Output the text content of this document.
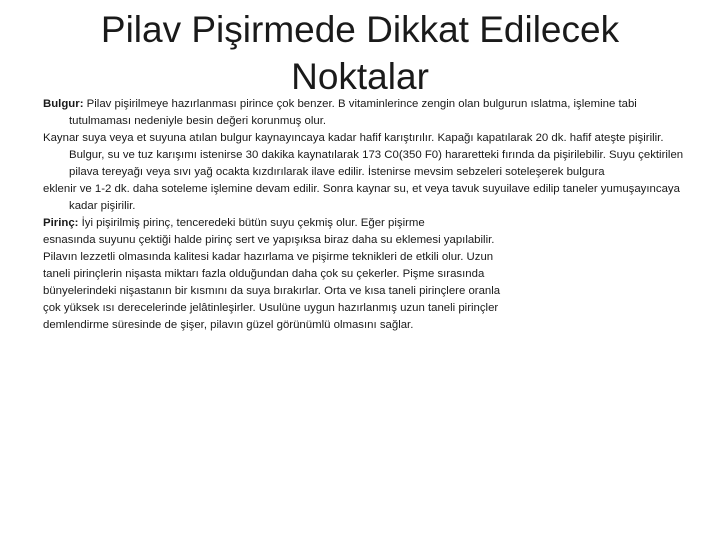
Pilav Pişirmede Dikkat Edilecek
Noktalar

Bulgur: Pilav pişirilmeye hazırlanması pirince çok benzer. B vitaminlerince zengin olan bulgurun ıslatma, işlemine tabi tutulmaması nedeniyle besin değeri korunmuş olur.

Kaynar suya veya et suyuna atılan bulgur kaynayıncaya kadar hafif karıştırılır. Kapağı kapatılarak 20 dk. hafif ateşte pişirilir. Bulgur, su ve tuz karışımı istenirse 30 dakika kaynatılarak 173 C0(350 F0) hararetteki fırında da pişirilebilir. Suyu çektirilen pilava tereyağı veya sıvı yağ ocakta kızdırılarak ilave edilir. İstenirse mevsim sebzeleri soteleşerek bulgura

eklenir ve 1-2 dk. daha soteleme işlemine devam edilir. Sonra kaynar su, et veya tavuk suyuilave edilip taneler yumuşayıncaya kadar pişirilir.

Pirinç: İyi pişirilmiş pirinç, tenceredeki bütün suyu çekmiş olur. Eğer pişirme

esnasında suyunu çektiği halde pirinç sert ve yapışıksa biraz daha su eklemesi yapılabilir.

Pilavın lezzetli olmasında kalitesi kadar hazırlama ve pişirme teknikleri de etkili olur. Uzun

taneli pirinçlerin nişasta miktarı fazla olduğundan daha çok su çekerler. Pişme sırasında

bünyelerindeki nişastanın bir kısmını da suya bırakırlar. Orta ve kısa taneli pirinçlere oranla

çok yüksek ısı derecelerinde jelâtinleşirler. Usulüne uygun hazırlanmış uzun taneli pirinçler

demlendirme süresinde de şişer, pilavın güzel görünümlü olmasını sağlar.
